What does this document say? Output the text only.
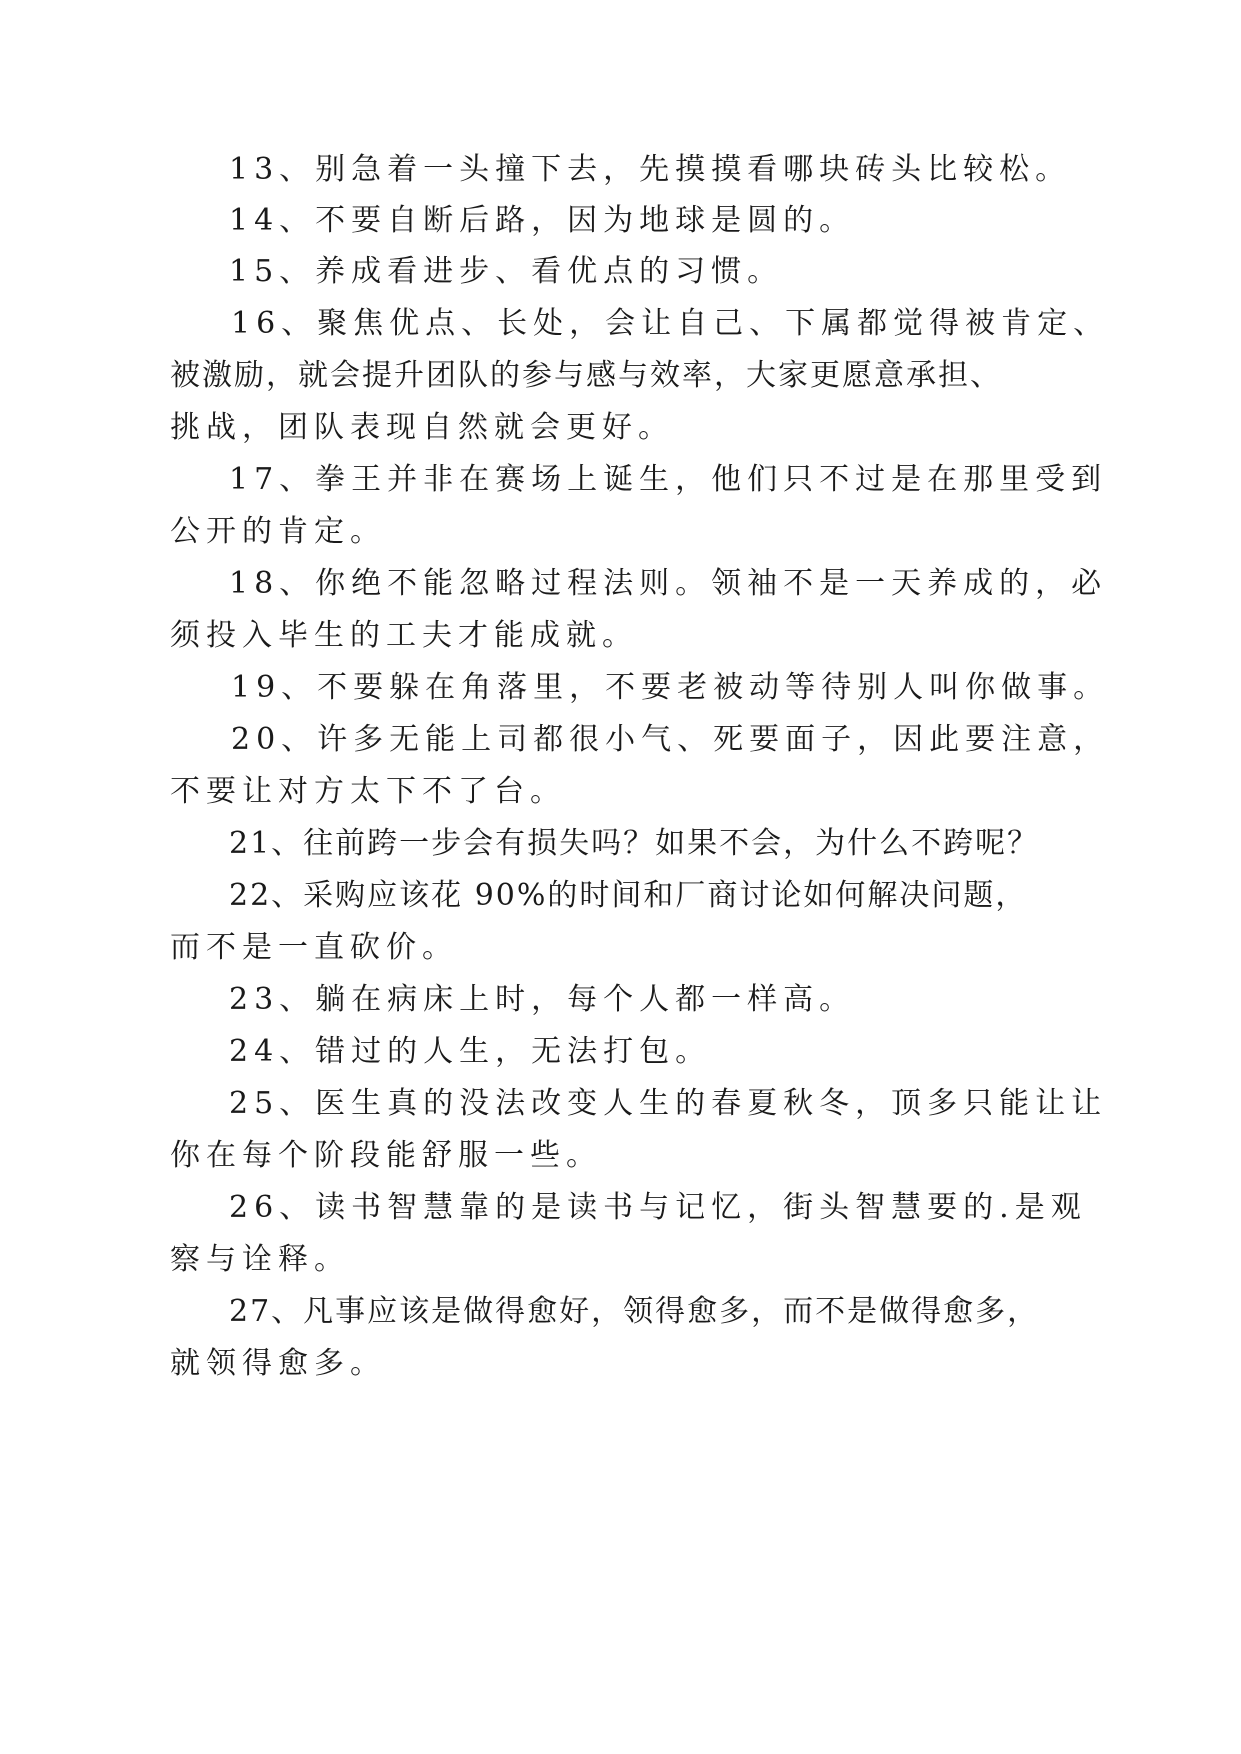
13、别急着一头撞下去，先摸摸看哪块砖头比较松。
14、不要自断后路，因为地球是圆的。
15、养成看进步、看优点的习惯。
16、聚焦优点、长处，会让自己、下属都觉得被肯定、
被激励，就会提升团队的参与感与效率，大家更愿意承担、
挑战，团队表现自然就会更好。
17、拳王并非在赛场上诞生，他们只不过是在那里受到
公开的肯定。
18、你绝不能忽略过程法则。领袖不是一天养成的，必
须投入毕生的工夫才能成就。
19、不要躲在角落里，不要老被动等待别人叫你做事。
20、许多无能上司都很小气、死要面子，因此要注意，
不要让对方太下不了台。
21、往前跨一步会有损失吗？如果不会，为什么不跨呢？
22、采购应该花 90%的时间和厂商讨论如何解决问题，
而不是一直砍价。
23、躺在病床上时，每个人都一样高。
24、错过的人生，无法打包。
25、医生真的没法改变人生的春夏秋冬，顶多只能让让
你在每个阶段能舒服一些。
26、读书智慧靠的是读书与记忆，街头智慧要的.是观
察与诠释。
27、凡事应该是做得愈好，领得愈多，而不是做得愈多，
就领得愈多。
